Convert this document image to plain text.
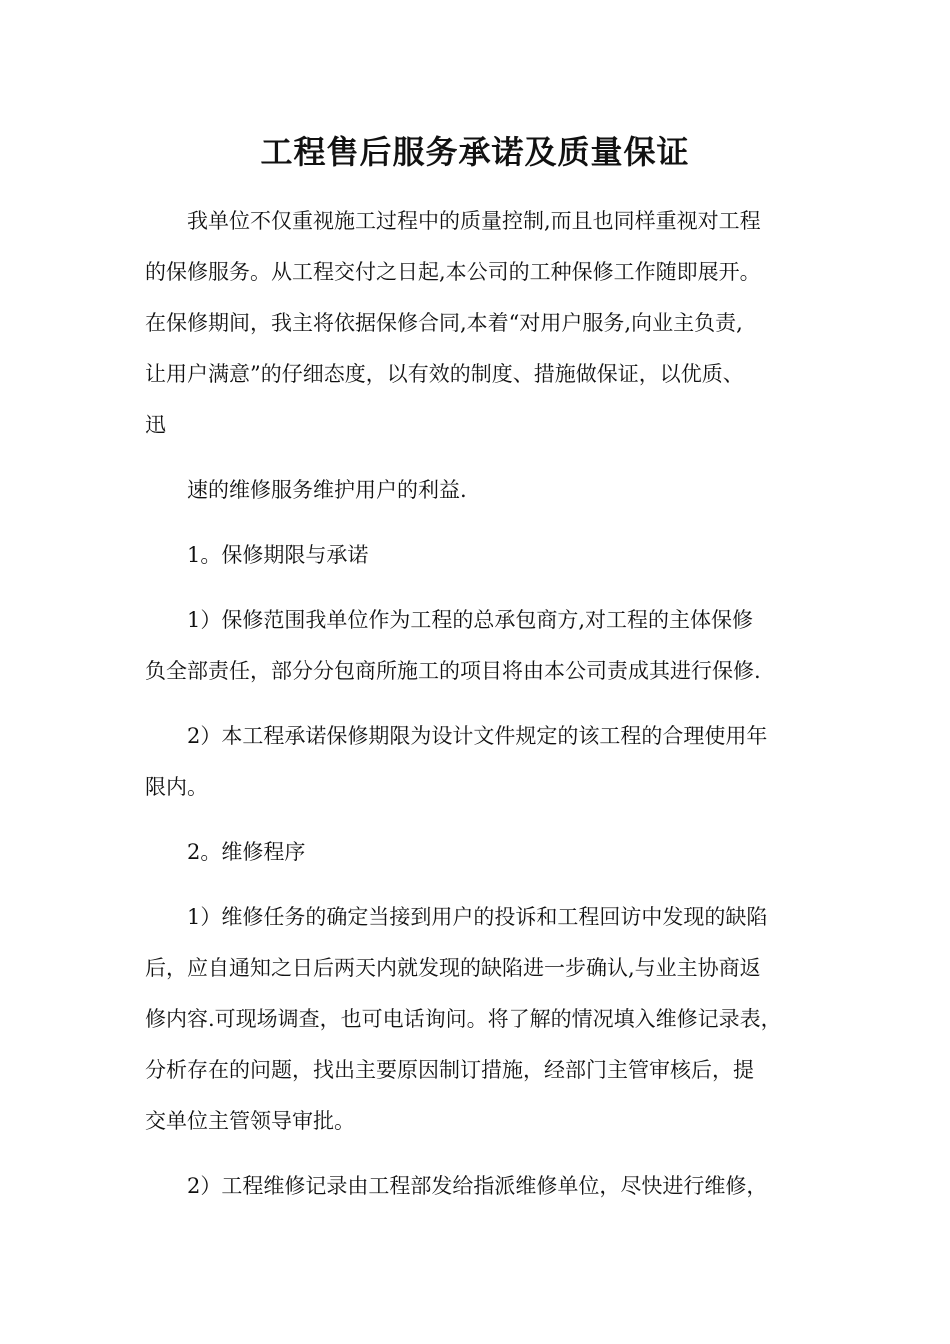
工程售后服务承诺及质量保证

我单位不仅重视施工过程中的质量控制,而且也同样重视对工程
的保修服务。从工程交付之日起,本公司的工种保修工作随即展开。
在保修期间，我主将依据保修合同,本着“对用户服务,向业主负责,
让用户满意”的仔细态度，以有效的制度、措施做保证，以优质、
迅

速的维修服务维护用户的利益.

1。保修期限与承诺

1）保修范围我单位作为工程的总承包商方,对工程的主体保修
负全部责任，部分分包商所施工的项目将由本公司责成其进行保修.

2）本工程承诺保修期限为设计文件规定的该工程的合理使用年
限内。

2。维修程序

1）维修任务的确定当接到用户的投诉和工程回访中发现的缺陷
后，应自通知之日后两天内就发现的缺陷进一步确认,与业主协商返
修内容.可现场调查，也可电话询问。将了解的情况填入维修记录表，
分析存在的问题，找出主要原因制订措施，经部门主管审核后，提
交单位主管领导审批。

2）工程维修记录由工程部发给指派维修单位，尽快进行维修，
